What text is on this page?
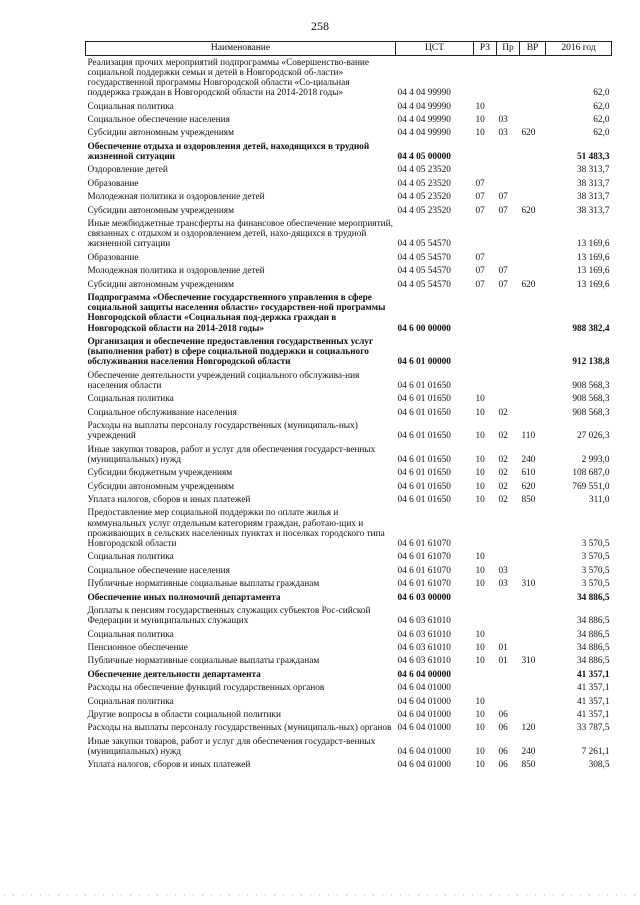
258
Наименование	ЦСТ	РЗ	Пр	ВР	2016 год
Реализация прочих мероприятий подпрограммы «Совершенство-вание социальной поддержки семьи и детей в Новгородской об-ласти» государственной программы Новгородской области «Со-циальная поддержка граждан в Новгородской области на 2014-2018 годы»	04 4 04 99990				62,0
Социальная политика	04 4 04 99990	10			62,0
Социальное обеспечение населения	04 4 04 99990	10	03		62,0
Субсидии автономным учреждениям	04 4 04 99990	10	03	620	62,0
Обеспечение отдыха и оздоровления детей, находящихся в трудной жизненной ситуации	04 4 05 00000				51 483,3
Оздоровление детей	04 4 05 23520				38 313,7
Образование	04 4 05 23520	07			38 313,7
Молодежная политика и оздоровление детей	04 4 05 23520	07	07		38 313,7
Субсидии автономным учреждениям	04 4 05 23520	07	07	620	38 313,7
Иные межбюджетные трансферты на финансовое обеспечение мероприятий, связанных с отдыхом и оздоровлением детей, нахо-дящихся в трудной жизненной ситуации	04 4 05 54570				13 169,6
Образование	04 4 05 54570	07			13 169,6
Молодежная политика и оздоровление детей	04 4 05 54570	07	07		13 169,6
Субсидии автономным учреждениям	04 4 05 54570	07	07	620	13 169,6
Подпрограмма «Обеспечение государственного управления в сфере социальной защиты населения области» государствен-ной программы Новгородской области «Социальная под-держка граждан в Новгородской области на 2014-2018 годы»	04 6 00 00000				988 382,4
Организация и обеспечение предоставления государственных услуг (выполнения работ) в сфере социальной поддержки и социального обслуживания населения Новгородской области	04 6 01 00000				912 138,8
Обеспечение деятельности учреждений социального обслужива-ния населения области	04 6 01 01650				908 568,3
Социальная политика	04 6 01 01650	10			908 568,3
Социальное обслуживание населения	04 6 01 01650	10	02		908 568,3
Расходы на выплаты персоналу государственных (муниципаль-ных) учреждений	04 6 01 01650	10	02	110	27 026,3
Иные закупки товаров, работ и услуг для обеспечения государст-венных (муниципальных) нужд	04 6 01 01650	10	02	240	2 993,0
Субсидии бюджетным учреждениям	04 6 01 01650	10	02	610	108 687,0
Субсидии автономным учреждениям	04 6 01 01650	10	02	620	769 551,0
Уплата налогов, сборов и иных платежей	04 6 01 01650	10	02	850	311,0
Предоставление мер социальной поддержки по оплате жилья и коммунальных услуг отдельным категориям граждан, работаю-щих и проживающих в сельских населенных пунктах и поселках городского типа Новгородской области	04 6 01 61070				3 570,5
Социальная политика	04 6 01 61070	10			3 570,5
Социальное обеспечение населения	04 6 01 61070	10	03		3 570,5
Публичные нормативные социальные выплаты гражданам	04 6 01 61070	10	03	310	3 570,5
Обеспечение иных полномочий департамента	04 6 03 00000				34 886,5
Доплаты к пенсиям государственных служащих субъектов Рос-сийской Федерации и муниципальных служащих	04 6 03 61010				34 886,5
Социальная политика	04 6 03 61010	10			34 886,5
Пенсионное обеспечение	04 6 03 61010	10	01		34 886,5
Публичные нормативные социальные выплаты гражданам	04 6 03 61010	10	01	310	34 886,5
Обеспечение деятельности департамента	04 6 04 00000				41 357,1
Расходы на обеспечение функций государственных органов	04 6 04 01000				41 357,1
Социальная политика	04 6 04 01000	10			41 357,1
Другие вопросы в области социальной политики	04 6 04 01000	10	06		41 357,1
Расходы на выплаты персоналу государственных (муниципаль-ных) органов	04 6 04 01000	10	06	120	33 787,5
Иные закупки товаров, работ и услуг для обеспечения государст-венных (муниципальных) нужд	04 6 04 01000	10	06	240	7 261,1
Уплата налогов, сборов и иных платежей	04 6 04 01000	10	06	850	308,5
